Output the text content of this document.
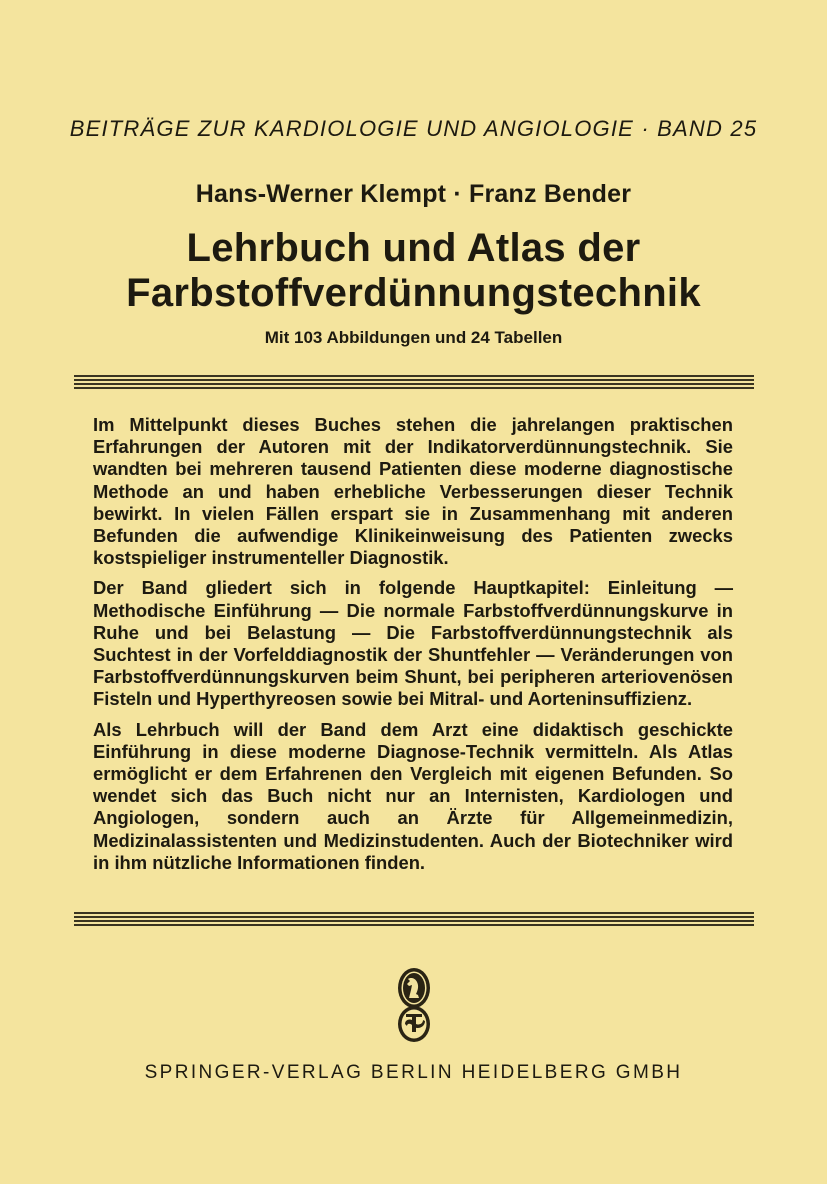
BEITRÄGE ZUR KARDIOLOGIE UND ANGIOLOGIE · BAND 25
Hans-Werner Klempt · Franz Bender
Lehrbuch und Atlas der
Farbstoffverdünnungstechnik
Mit 103 Abbildungen und 24 Tabellen

Im Mittelpunkt dieses Buches stehen die jahrelangen praktischen Erfahrungen der Autoren mit der Indikatorverdünnungstechnik. Sie wandten bei mehreren tausend Patienten diese moderne diagnostische Methode an und haben erhebliche Verbesserungen dieser Technik bewirkt. In vielen Fällen erspart sie in Zusammenhang mit anderen Befunden die aufwendige Klinikeinweisung des Patienten zwecks kostspieliger instrumenteller Diagnostik.

Der Band gliedert sich in folgende Hauptkapitel: Einleitung — Methodische Einführung — Die normale Farbstoffverdünnungskurve in Ruhe und bei Belastung — Die Farbstoffverdünnungstechnik als Suchtest in der Vorfelddiagnostik der Shuntfehler — Veränderungen von Farbstoffverdünnungskurven beim Shunt, bei peripheren arteriovenösen Fisteln und Hyperthyreosen sowie bei Mitral- und Aorteninsuffizienz.

Als Lehrbuch will der Band dem Arzt eine didaktisch geschickte Einführung in diese moderne Diagnose-Technik vermitteln. Als Atlas ermöglicht er dem Erfahrenen den Vergleich mit eigenen Befunden. So wendet sich das Buch nicht nur an Internisten, Kardiologen und Angiologen, sondern auch an Ärzte für Allgemeinmedizin, Medizinalassistenten und Medizinstudenten. Auch der Biotechniker wird in ihm nützliche Informationen finden.

SPRINGER-VERLAG BERLIN HEIDELBERG GMBH
